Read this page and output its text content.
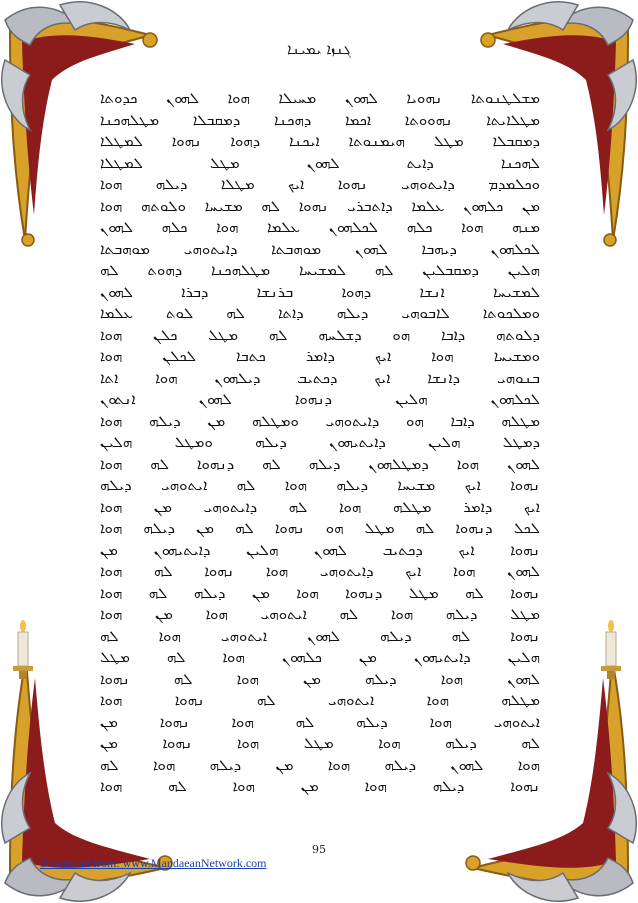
ܓܢܙܐ ܝܡܝܢܐ
ܡܫܠܛܢܘܬܐ ܢܗܘܝܐ ܠܗܘܢ ܡܚܝܠܐ ܗܘܐ ܠܗܘܢ ܟܕܘܬܐ
ܡܛܠܐܝܬܐ ܢܗܘܘܬܐ ܐܟܡܐ ܕܗܟܢܐ ܕܡܩܒܠܐ ܡܛܠܗܟܢܐ
ܕܡܩܒܠܐ ܡܛܠ ܗܝܡܢܘܬܐ ܐܝܟܢܐ ܕܗܘܐ ܢܗܘܐ ܠܡܛܠܐ
ܠܗܟܢܐ ܕܐܝܬ ܠܗܘܢ ܡܛܠ ܠܡܛܠܐ
ܘܟܠܡܕܡ ܕܐܝܬܘܗܝ ܢܗܘܐ ܐܝܟ ܡܛܠܐ ܕܝܠܗ ܗܘܐ
ܡܢ ܟܠܗܘܢ ܥܠܡܐ ܕܐܬܒܪܝ ܢܗܘܐ ܠܗ ܡܫܝܚܐ ܘܠܘܬܗ ܗܘܐ
ܡܢܗ ܗܘܐ ܟܠܗ ܠܟܠܗܘܢ ܥܠܡܐ ܗܘܐ ܟܠܗ ܠܗܘܢ
ܠܟܠܗܘܢ ܕܝܗܒܐ ܠܗܘܢ ܡܘܗܒܬܐ ܕܐܝܬܘܗܝ ܡܘܗܒܬܐ
ܗܠܝܢ ܕܡܩܒܠܝܢ ܠܗ ܠܡܫܝܚܐ ܡܛܠܗܟܢܐ ܕܗܘܬ ܠܗ
ܠܡܫܝܚܐ ܐܢܫܐ ܕܗܘܐ ܒܪܢܫܐ ܕܒܪܐ ܠܗܘܢ
ܘܡܠܟܘܬܐ ܠܐܒܘܗܝ ܕܝܠܗ ܕܐܬܐ ܠܗ ܠܘܬ ܥܠܡܐ
ܕܠܘܬܗ ܕܐܒܐ ܗܘ ܕܫܠܚܗ ܠܗ ܡܛܠ ܟܠܢ ܗܘܐ
ܘܡܫܝܚܐ ܗܘܐ ܐܝܟ ܕܐܡܪ ܟܬܒܐ ܠܟܠܢ ܗܘܐ
ܒܢܘܗܝ ܕܐܢܫܐ ܐܝܟ ܕܟܬܝܒ ܕܝܠܗܘܢ ܗܘܐ ܐܬܐ
ܠܟܠܗܘܢ ܗܠܝܢ ܕܢܗܘܐ ܠܗܘܢ ܐܢܬܘܢ
ܡܛܠܗ ܕܐܒܐ ܗܘ ܕܐܝܬܘܗܝ ܘܡܛܠܗ ܡܢ ܕܝܠܗ ܗܘܐ
ܕܡܛܠ ܗܠܝܢ ܕܐܝܬܝܗܘܢ ܕܝܠܗ ܘܡܛܠ ܗܠܝܢ
ܠܗܘܢ ܗܘܐ ܕܡܛܠܗܘܢ ܕܝܠܗ ܠܗ ܕܢܗܘܐ ܠܗ ܗܘܐ
ܢܗܘܐ ܐܝܟ ܡܫܝܚܐ ܕܝܠܗ ܗܘܐ ܠܗ ܐܝܬܘܗܝ ܕܝܠܗ
ܐܝܟ ܕܐܡܪ ܡܛܠܗ ܗܘܐ ܠܗ ܕܐܝܬܘܗܝ ܡܢ ܗܘܐ
ܠܟܠ ܕܢܗܘܐ ܠܗ ܡܛܠ ܗܘ ܢܗܘܐ ܠܗ ܡܢ ܕܝܠܗ ܗܘܐ
ܢܗܘܐ ܐܝܟ ܕܟܬܝܒ ܠܗܘܢ ܗܠܝܢ ܕܐܝܬܝܗܘܢ ܡܢ
ܠܗܘܢ ܗܘܐ ܐܝܟ ܕܐܝܬܘܗܝ ܗܘܐ ܢܗܘܐ ܠܗ ܗܘܐ
ܢܗܘܐ ܠܗ ܡܛܠ ܕܢܗܘܐ ܗܘܐ ܡܢ ܕܝܠܗ ܠܗ ܗܘܐ
ܡܛܠ ܕܝܠܗ ܗܘܐ ܠܗ ܐܝܬܘܗܝ ܗܘܐ ܡܢ ܗܘܐ
ܢܗܘܐ ܠܗ ܕܝܠܗ ܠܗܘܢ ܐܝܬܘܗܝ ܗܘܐ ܠܗ
ܗܠܝܢ ܕܐܝܬܝܗܘܢ ܡܢ ܟܠܗܘܢ ܗܘܐ ܠܗ ܡܛܠ
ܠܗܘܢ ܗܘܐ ܕܝܠܗ ܡܢ ܗܘܐ ܠܗ ܢܗܘܐ
ܡܛܠܗ ܗܘܐ ܐܝܬܘܗܝ ܠܗ ܢܗܘܐ ܗܘܐ
ܐܝܬܘܗܝ ܗܘܐ ܕܝܠܗ ܠܗ ܗܘܐ ܢܗܘܐ ܡܢ
ܠܗ ܕܝܠܗ ܗܘܐ ܡܛܠ ܗܘܐ ܢܗܘܐ ܡܢ
ܗܘܐ ܠܗܘܢ ܕܝܠܗ ܗܘܐ ܡܢ ܕܝܠܗ ܗܘܐ ܠܗ
ܢܗܘܐ ܕܝܠܗ ܗܘܐ ܡܢ ܗܘܐ ܠܗ ܗܘܐ
95
Download from: www.MandaeanNetwork.com
